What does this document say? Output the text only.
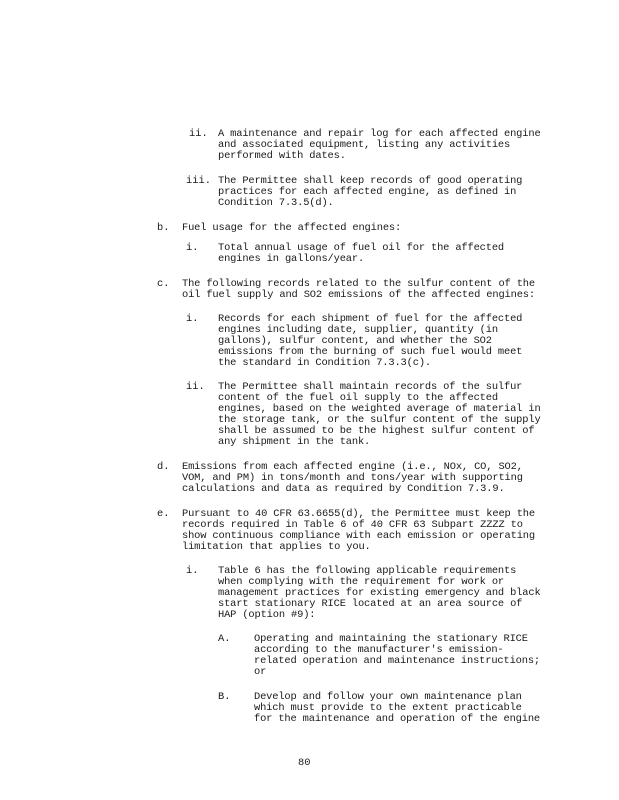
ii. A maintenance and repair log for each affected engine
and associated equipment, listing any activities
performed with dates.
iii. The Permittee shall keep records of good operating
practices for each affected engine, as defined in
Condition 7.3.5(d).
b. Fuel usage for the affected engines:
i. Total annual usage of fuel oil for the affected
engines in gallons/year.
c. The following records related to the sulfur content of the
oil fuel supply and SO2 emissions of the affected engines:
i. Records for each shipment of fuel for the affected
engines including date, supplier, quantity (in
gallons), sulfur content, and whether the SO2
emissions from the burning of such fuel would meet
the standard in Condition 7.3.3(c).
ii. The Permittee shall maintain records of the sulfur
content of the fuel oil supply to the affected
engines, based on the weighted average of material in
the storage tank, or the sulfur content of the supply
shall be assumed to be the highest sulfur content of
any shipment in the tank.
d. Emissions from each affected engine (i.e., NOx, CO, SO2,
VOM, and PM) in tons/month and tons/year with supporting
calculations and data as required by Condition 7.3.9.
e. Pursuant to 40 CFR 63.6655(d), the Permittee must keep the
records required in Table 6 of 40 CFR 63 Subpart ZZZZ to
show continuous compliance with each emission or operating
limitation that applies to you.
i. Table 6 has the following applicable requirements
when complying with the requirement for work or
management practices for existing emergency and black
start stationary RICE located at an area source of
HAP (option #9):
A. Operating and maintaining the stationary RICE
according to the manufacturer's emission-
related operation and maintenance instructions;
or
B. Develop and follow your own maintenance plan
which must provide to the extent practicable
for the maintenance and operation of the engine
80
